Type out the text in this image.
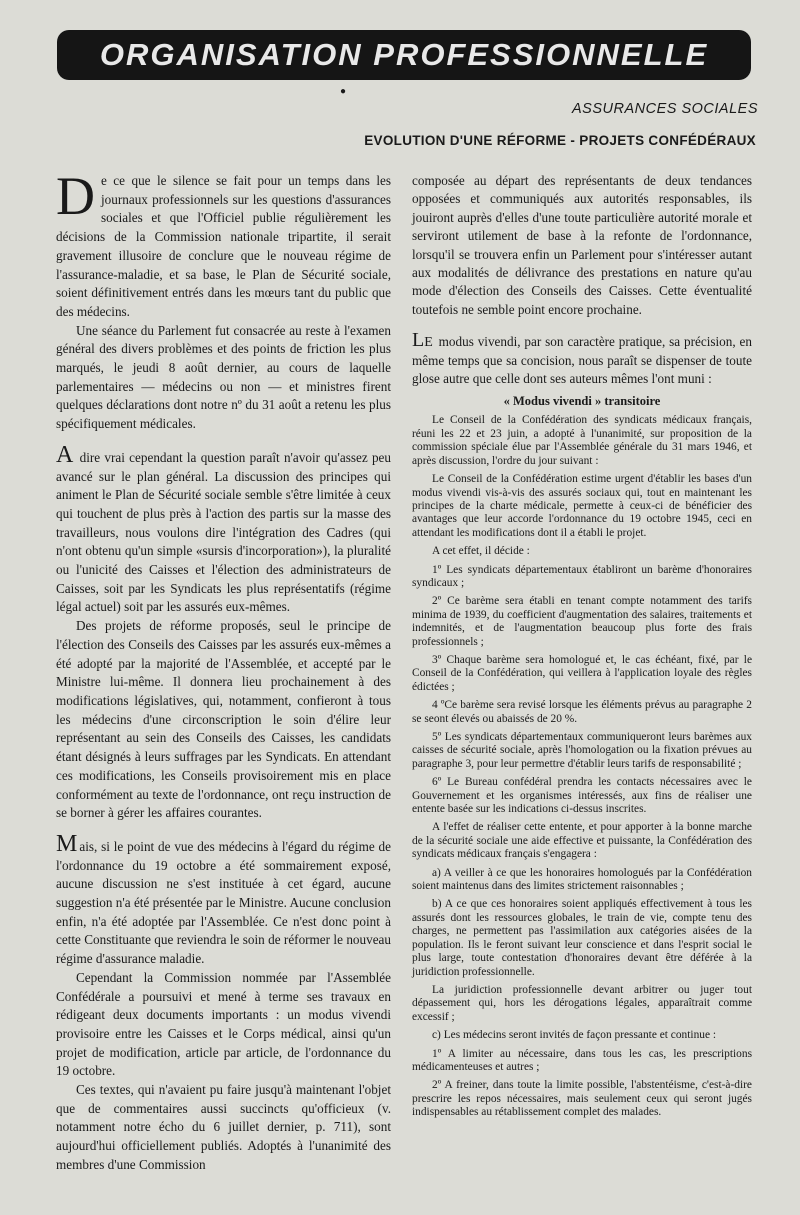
ORGANISATION PROFESSIONNELLE
●
ASSURANCES SOCIALES
EVOLUTION D'UNE RÉFORME - PROJETS CONFÉDÉRAUX

De ce que le silence se fait pour un temps dans les journaux professionnels sur les questions d'assurances sociales et que l'Officiel publie régulièrement les décisions de la Commission nationale tripartite, il serait gravement illusoire de conclure que le nouveau régime de l'assurance-maladie, et sa base, le Plan de Sécurité sociale, soient définitivement entrés dans les mœurs tant du public que des médecins.

Une séance du Parlement fut consacrée au reste à l'examen général des divers problèmes et des points de friction les plus marqués, le jeudi 8 août dernier, au cours de laquelle parlementaires — médecins ou non — et ministres firent quelques déclarations dont notre nº du 31 août a retenu les plus spécifiquement médicales.

A dire vrai cependant la question paraît n'avoir qu'assez peu avancé sur le plan général. La discussion des principes qui animent le Plan de Sécurité sociale semble s'être limitée à ceux qui touchent de plus près à l'action des partis sur la masse des travailleurs, nous voulons dire l'intégration des Cadres (qui n'ont obtenu qu'un simple «sursis d'incorporation»), la pluralité ou l'unicité des Caisses et l'élection des administrateurs de Caisses, soit par les Syndicats les plus représentatifs (régime légal actuel) soit par les assurés eux-mêmes.

Des projets de réforme proposés, seul le principe de l'élection des Conseils des Caisses par les assurés eux-mêmes a été adopté par la majorité de l'Assemblée, et accepté par le Ministre lui-même. Il donnera lieu prochainement à des modifications législatives, qui, notamment, confieront à tous les médecins d'une circonscription le soin d'élire leur représentant au sein des Conseils des Caisses, les candidats étant désignés à leurs suffrages par les Syndicats. En attendant ces modifications, les Conseils provisoirement mis en place conformément au texte de l'ordonnance, ont reçu instruction de se borner à gérer les affaires courantes.

Mais, si le point de vue des médecins à l'égard du régime de l'ordonnance du 19 octobre a été sommairement exposé, aucune discussion ne s'est instituée à cet égard, aucune suggestion n'a été présentée par le Ministre. Aucune conclusion enfin, n'a été adoptée par l'Assemblée. Ce n'est donc point à cette Constituante que reviendra le soin de réformer le nouveau régime d'assurance maladie.

Cependant la Commission nommée par l'Assemblée Confédérale a poursuivi et mené à terme ses travaux en rédigeant deux documents importants : un modus vivendi provisoire entre les Caisses et le Corps médical, ainsi qu'un projet de modification, article par article, de l'ordonnance du 19 octobre.

Ces textes, qui n'avaient pu faire jusqu'à maintenant l'objet que de commentaires aussi succincts qu'officieux (v. notamment notre écho du 6 juillet dernier, p. 711), sont aujourd'hui officiellement publiés. Adoptés à l'unanimité des membres d'une Commission

composée au départ des représentants de deux tendances opposées et communiqués aux autorités responsables, ils jouiront auprès d'elles d'une toute particulière autorité morale et serviront utilement de base à la refonte de l'ordonnance, lorsqu'il se trouvera enfin un Parlement pour s'intéresser autant aux modalités de délivrance des prestations en nature qu'au mode d'élection des Conseils des Caisses. Cette éventualité toutefois ne semble point encore prochaine.

Le modus vivendi, par son caractère pratique, sa précision, en même temps que sa concision, nous paraît se dispenser de toute glose autre que celle dont ses auteurs mêmes l'ont muni :

« Modus vivendi » transitoire

Le Conseil de la Confédération des syndicats médicaux français, réuni les 22 et 23 juin, a adopté à l'unanimité, sur proposition de la commission spéciale élue par l'Assemblée générale du 31 mars 1946, et après discussion, l'ordre du jour suivant :

Le Conseil de la Confédération estime urgent d'établir les bases d'un modus vivendi vis-à-vis des assurés sociaux qui, tout en maintenant les principes de la charte médicale, permette à ceux-ci de bénéficier des avantages que leur accorde l'ordonnance du 19 octobre 1945, ceci en attendant les modifications dont il a établi le projet.

A cet effet, il décide :

1º Les syndicats départementaux établiront un barème d'honoraires syndicaux ;

2º Ce barème sera établi en tenant compte notamment des tarifs minima de 1939, du coefficient d'augmentation des salaires, traitements et indemnités, et de l'augmentation beaucoup plus forte des frais professionnels ;

3º Chaque barème sera homologué et, le cas échéant, fixé, par le Conseil de la Confédération, qui veillera à l'application loyale des règles édictées ;

4 ºCe barème sera revisé lorsque les éléments prévus au paragraphe 2 se seont élevés ou abaissés de 20 %.

5º Les syndicats départementaux communiqueront leurs barèmes aux caisses de sécurité sociale, après l'homologation ou la fixation prévues au paragraphe 3, pour leur permettre d'établir leurs tarifs de responsabilité ;

6º Le Bureau confédéral prendra les contacts nécessaires avec le Gouvernement et les organismes intéressés, aux fins de réaliser une entente basée sur les indications ci-dessus inscrites.

A l'effet de réaliser cette entente, et pour apporter à la bonne marche de la sécurité sociale une aide effective et puissante, la Confédération des syndicats médicaux français s'engagera :

a) A veiller à ce que les honoraires homologués par la Confédération soient maintenus dans des limites strictement raisonnables ;

b) A ce que ces honoraires soient appliqués effectivement à tous les assurés dont les ressources globales, le train de vie, compte tenu des charges, ne permettent pas l'assimilation aux catégories aisées de la population. Ils le feront suivant leur conscience et dans l'esprit social le plus large, toute contestation d'honoraires devant être déférée à la juridiction professionnelle.

La juridiction professionnelle devant arbitrer ou juger tout dépassement qui, hors les dérogations légales, apparaîtrait comme excessif ;

c) Les médecins seront invités de façon pressante et continue :

1º A limiter au nécessaire, dans tous les cas, les prescriptions médicamenteuses et autres ;

2º A freiner, dans toute la limite possible, l'abstentéisme, c'est-à-dire prescrire les repos nécessaires, mais seulement ceux qui seront jugés indispensables au rétablissement complet des malades.
